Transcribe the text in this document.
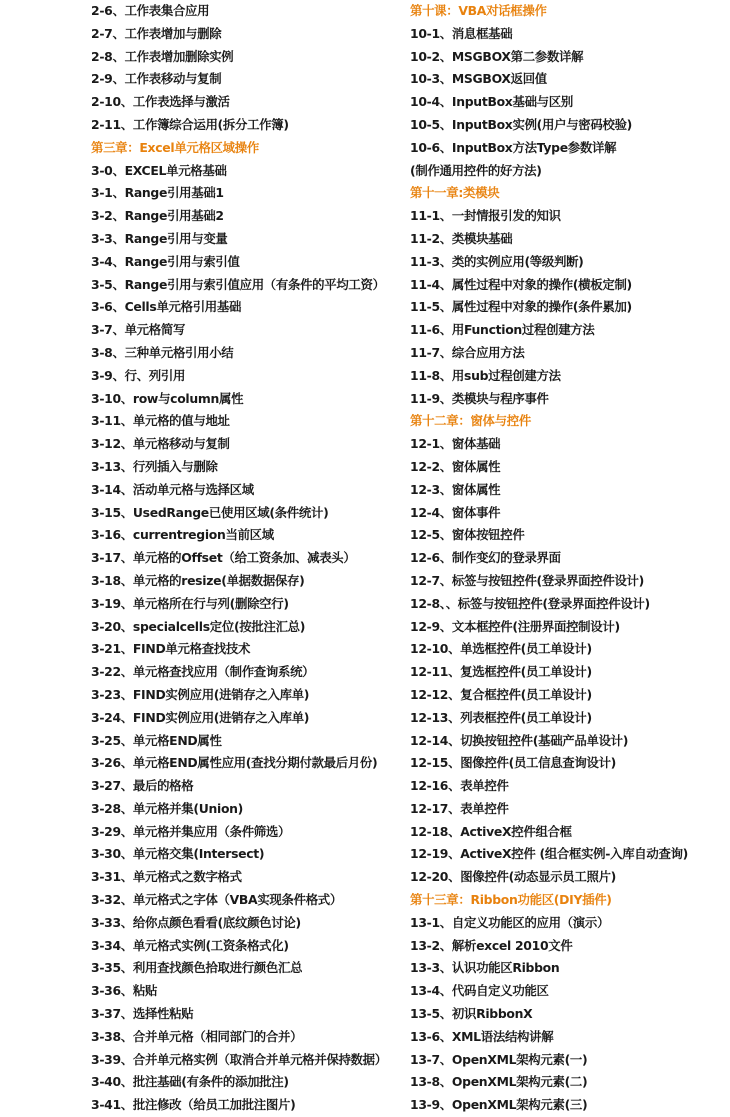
2-6、工作表集合应用
2-7、工作表增加与删除
2-8、工作表增加删除实例
2-9、工作表移动与复制
2-10、工作表选择与激活
2-11、工作簿综合运用(拆分工作簿)
第三章：Excel单元格区域操作
3-0、EXCEL单元格基础
3-1、Range引用基础1
3-2、Range引用基础2
3-3、Range引用与变量
3-4、Range引用与索引值
3-5、Range引用与索引值应用（有条件的平均工资）
3-6、Cells单元格引用基础
3-7、单元格简写
3-8、三种单元格引用小结
3-9、行、列引用
3-10、row与column属性
3-11、单元格的值与地址
3-12、单元格移动与复制
3-13、行列插入与删除
3-14、活动单元格与选择区域
3-15、UsedRange已使用区域(条件统计)
3-16、currentregion当前区域
3-17、单元格的Offset（给工资条加、减表头）
3-18、单元格的resize(单据数据保存)
3-19、单元格所在行与列(删除空行)
3-20、specialcells定位(按批注汇总)
3-21、FIND单元格查找技术
3-22、单元格查找应用（制作查询系统）
3-23、FIND实例应用(进销存之入库单)
3-24、FIND实例应用(进销存之入库单)
3-25、单元格END属性
3-26、单元格END属性应用(查找分期付款最后月份)
3-27、最后的格格
3-28、单元格并集(Union)
3-29、单元格并集应用（条件筛选）
3-30、单元格交集(Intersect)
3-31、单元格式之数字格式
3-32、单元格式之字体（VBA实现条件格式）
3-33、给你点颜色看看(底纹颜色讨论)
3-34、单元格式实例(工资条格式化)
3-35、利用查找颜色拾取进行颜色汇总
3-36、粘贴
3-37、选择性粘贴
3-38、合并单元格（相同部门的合并）
3-39、合并单元格实例（取消合并单元格并保持数据）
3-40、批注基础(有条件的添加批注)
3-41、批注修改（给员工加批注图片)
第十课：VBA对话框操作
10-1、消息框基础
10-2、MSGBOX第二参数详解
10-3、MSGBOX返回值
10-4、InputBox基础与区别
10-5、InputBox实例(用户与密码校验)
10-6、InputBox方法Type参数详解
(制作通用控件的好方法)
第十一章:类模块
11-1、一封情报引发的知识
11-2、类模块基础
11-3、类的实例应用(等级判断)
11-4、属性过程中对象的操作(横板定制)
11-5、属性过程中对象的操作(条件累加)
11-6、用Function过程创建方法
11-7、综合应用方法
11-8、用sub过程创建方法
11-9、类模块与程序事件
第十二章：窗体与控件
12-1、窗体基础
12-2、窗体属性
12-3、窗体属性
12-4、窗体事件
12-5、窗体按钮控件
12-6、制作变幻的登录界面
12-7、标签与按钮控件(登录界面控件设计)
12-8、、标签与按钮控件(登录界面控件设计)
12-9、文本框控件(注册界面控制设计)
12-10、单选框控件(员工单设计)
12-11、复选框控件(员工单设计)
12-12、复合框控件(员工单设计)
12-13、列表框控件(员工单设计)
12-14、切换按钮控件(基础产品单设计)
12-15、图像控件(员工信息查询设计)
12-16、表单控件
12-17、表单控件
12-18、ActiveX控件组合框
12-19、ActiveX控件 (组合框实例-入库自动查询)
12-20、图像控件(动态显示员工照片)
第十三章：Ribbon功能区(DIY插件)
13-1、自定义功能区的应用（演示）
13-2、解析excel 2010文件
13-3、认识功能区Ribbon
13-4、代码自定义功能区
13-5、初识RibbonX
13-6、XML语法结构讲解
13-7、OpenXML架构元素(一)
13-8、OpenXML架构元素(二)
13-9、OpenXML架构元素(三)
